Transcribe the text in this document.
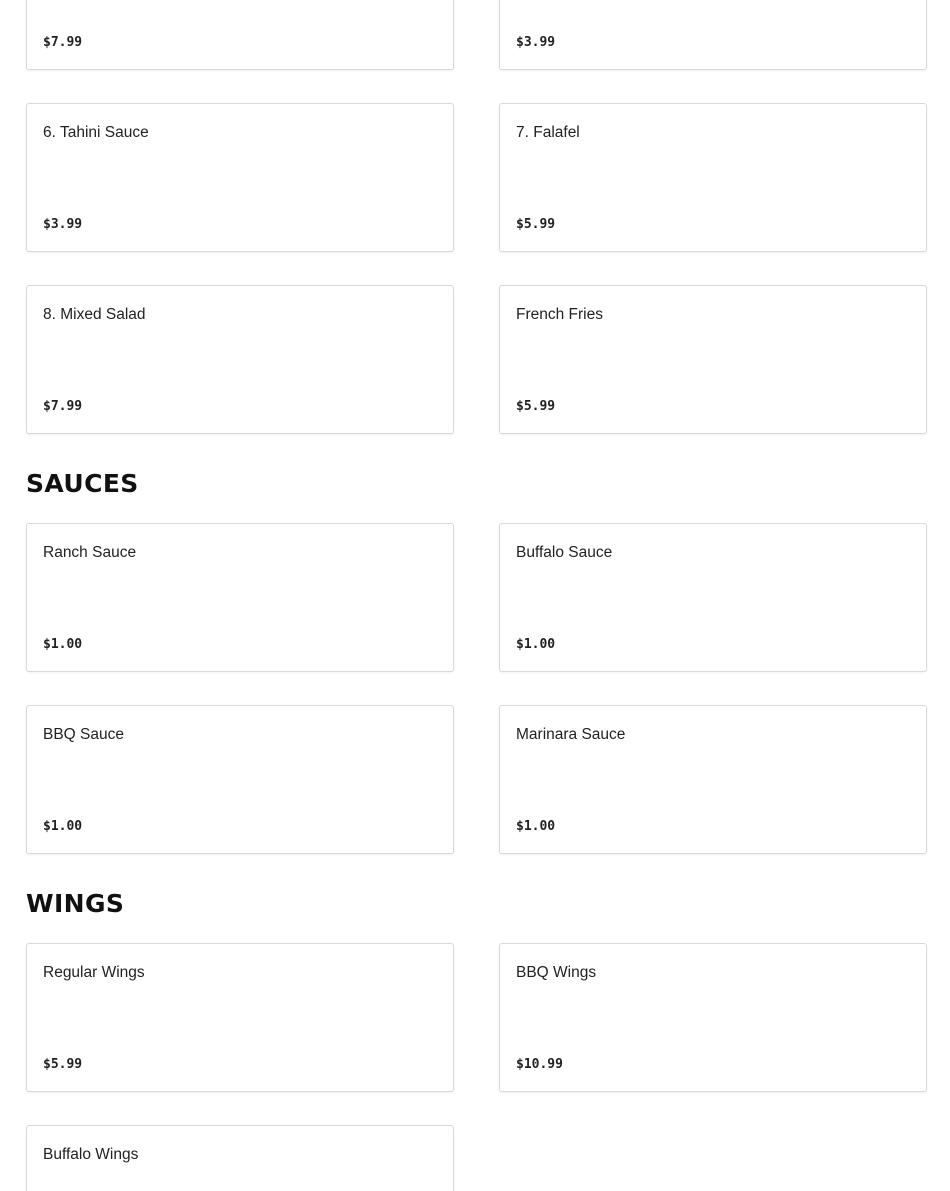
$7.99	$3.99
6. Tahini Sauce
$3.99
7. Falafel
$5.99
8. Mixed Salad
$7.99
French Fries
$5.99
SAUCES
Ranch Sauce
$1.00
Buffalo Sauce
$1.00
BBQ Sauce
$1.00
Marinara Sauce
$1.00
WINGS
Regular Wings
$5.99
BBQ Wings
$10.99
Buffalo Wings
